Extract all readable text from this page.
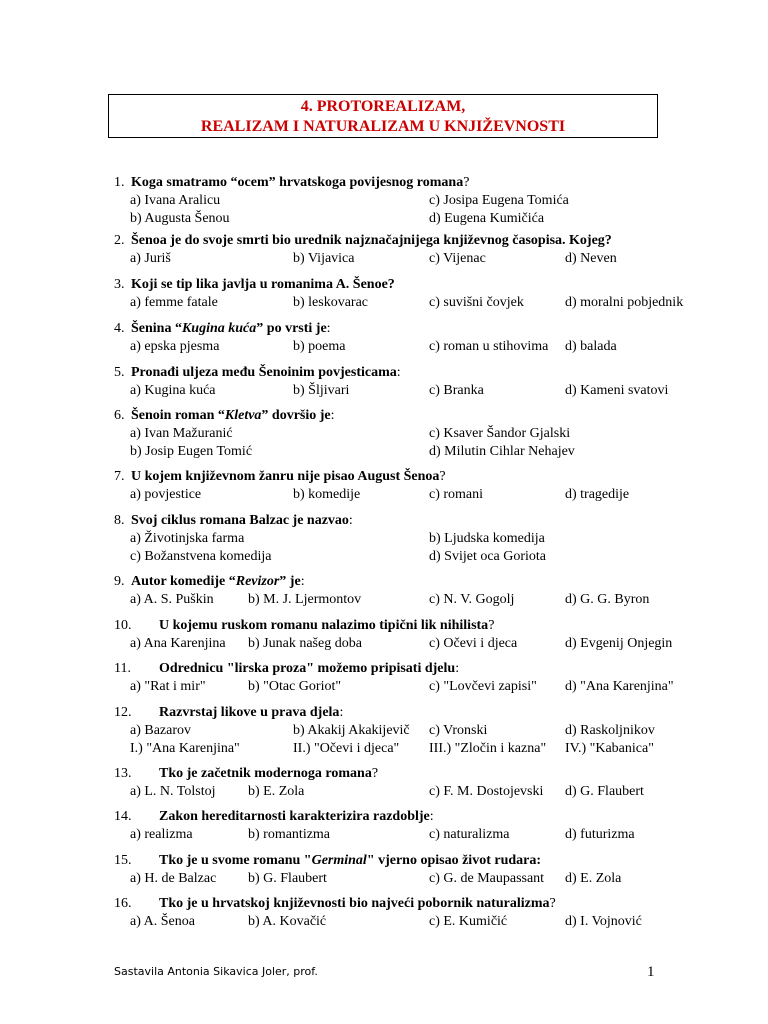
4. PROTOREALIZAM,
REALIZAM I NATURALIZAM U KNJIŽEVNOSTI
1. Koga smatramo “ocem” hrvatskoga povijesnog romana?
a) Ivana Aralicu	c) Josipa Eugena Tomića
b) Augusta Šenou	d) Eugena Kumičića
2. Šenoa je do svoje smrti bio urednik najznačajnijega književnog časopisa. Kojeg?
a) Juriš	b) Vijavica	c) Vijenac	d) Neven
3. Koji se tip lika javlja u romanima A. Šenoe?
a) femme fatale	b) leskovarac	c) suvišni čovjek	d) moralni pobjednik
4. Šenina “Kugina kuća” po vrsti je:
a) epska pjesma	b) poema	c) roman u stihovima d) balada
5. Pronađi uljeza među Šenoinim povjesticama:
a) Kugina kuća	b) Šljivari	c) Branka	d) Kameni svatovi
6. Šenoin roman “Kletva” dovršio je:
a) Ivan Mažuranić	c) Ksaver Šandor Gjalski
b) Josip Eugen Tomić	d) Milutin Cihlar Nehajev
7. U kojem književnom žanru nije pisao August Šenoa?
a) povjestice	b) komedije	c) romani	d) tragedije
8. Svoj ciklus romana Balzac je nazvao:
a) Životinjska farma	b) Ljudska komedija
c) Božanstvena komedija	d) Svijet oca Goriota
9. Autor komedije “Revizor” je:
a) A. S. Puškin b) M. J. Ljermontov	c) N. V. Gogolj	d) G. G. Byron
10. U kojemu ruskom romanu nalazimo tipični lik nihilista?
a) Ana Karenjina b) Junak našeg doba	c) Očevi i djeca	d) Evgenij Onjegin
11. Odrednicu "lirska proza" možemo pripisati djelu:
a) "Rat i mir"	b) "Otac Goriot"	c) "Lovčevi zapisi" d) "Ana Karenjina"
12. Razvrstaj likove u prava djela:
a) Bazarov	b) Akakij Akakijevič c) Vronski	d) Raskoljnikov
I.) "Ana Karenjina"	II.) "Očevi i djeca" III.) "Zločin i kazna" IV.) "Kabanica"
13. Tko je začetnik modernoga romana?
a) L. N. Tolstoj b) E. Zola	c) F. M. Dostojevski d) G. Flaubert
14. Zakon hereditarnosti karakterizira razdoblje:
a) realizma	b) romantizma	c) naturalizma	d) futurizma
15. Tko je u svome romanu "Germinal" vjerno opisao život rudara:
a) H. de Balzac b) G. Flaubert	c) G. de Maupassant d) E. Zola
16. Tko je u hrvatskoj književnosti bio najveći pobornik naturalizma?
a) A. Šenoa	b) A. Kovačić	c) E. Kumičić	d) I. Vojnović
Sastavila Antonia Sikavica Joler, prof.	1
